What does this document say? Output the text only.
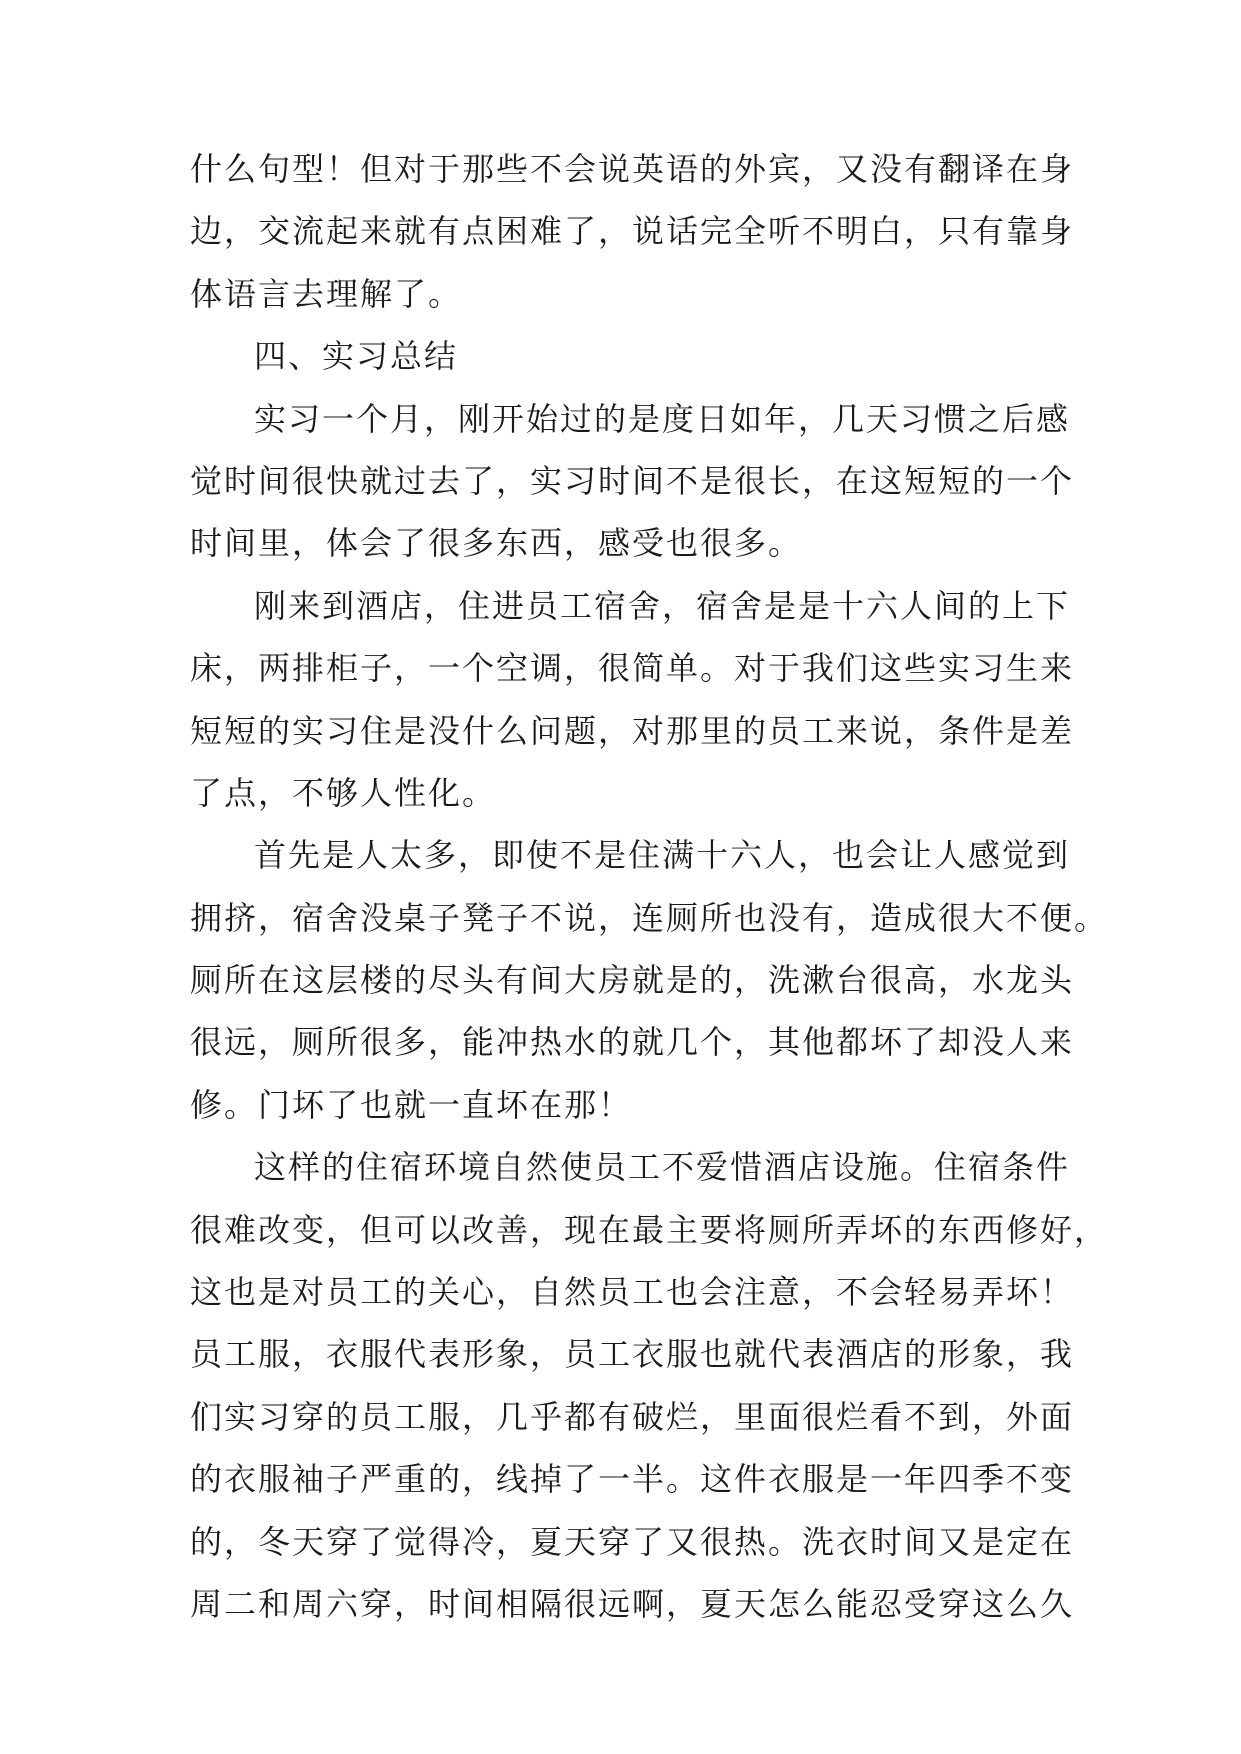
什么句型！但对于那些不会说英语的外宾，又没有翻译在身
边，交流起来就有点困难了，说话完全听不明白，只有靠身
体语言去理解了。
四、实习总结
实习一个月，刚开始过的是度日如年，几天习惯之后感
觉时间很快就过去了，实习时间不是很长，在这短短的一个
时间里，体会了很多东西，感受也很多。
刚来到酒店，住进员工宿舍，宿舍是是十六人间的上下
床，两排柜子，一个空调，很简单。对于我们这些实习生来
短短的实习住是没什么问题，对那里的员工来说，条件是差
了点，不够人性化。
首先是人太多，即使不是住满十六人，也会让人感觉到
拥挤，宿舍没桌子凳子不说，连厕所也没有，造成很大不便。
厕所在这层楼的尽头有间大房就是的，洗漱台很高，水龙头
很远，厕所很多，能冲热水的就几个，其他都坏了却没人来
修。门坏了也就一直坏在那！
这样的住宿环境自然使员工不爱惜酒店设施。住宿条件
很难改变，但可以改善，现在最主要将厕所弄坏的东西修好，
这也是对员工的关心，自然员工也会注意，不会轻易弄坏！
员工服，衣服代表形象，员工衣服也就代表酒店的形象，我
们实习穿的员工服，几乎都有破烂，里面很烂看不到，外面
的衣服袖子严重的，线掉了一半。这件衣服是一年四季不变
的，冬天穿了觉得冷，夏天穿了又很热。洗衣时间又是定在
周二和周六穿，时间相隔很远啊，夏天怎么能忍受穿这么久
